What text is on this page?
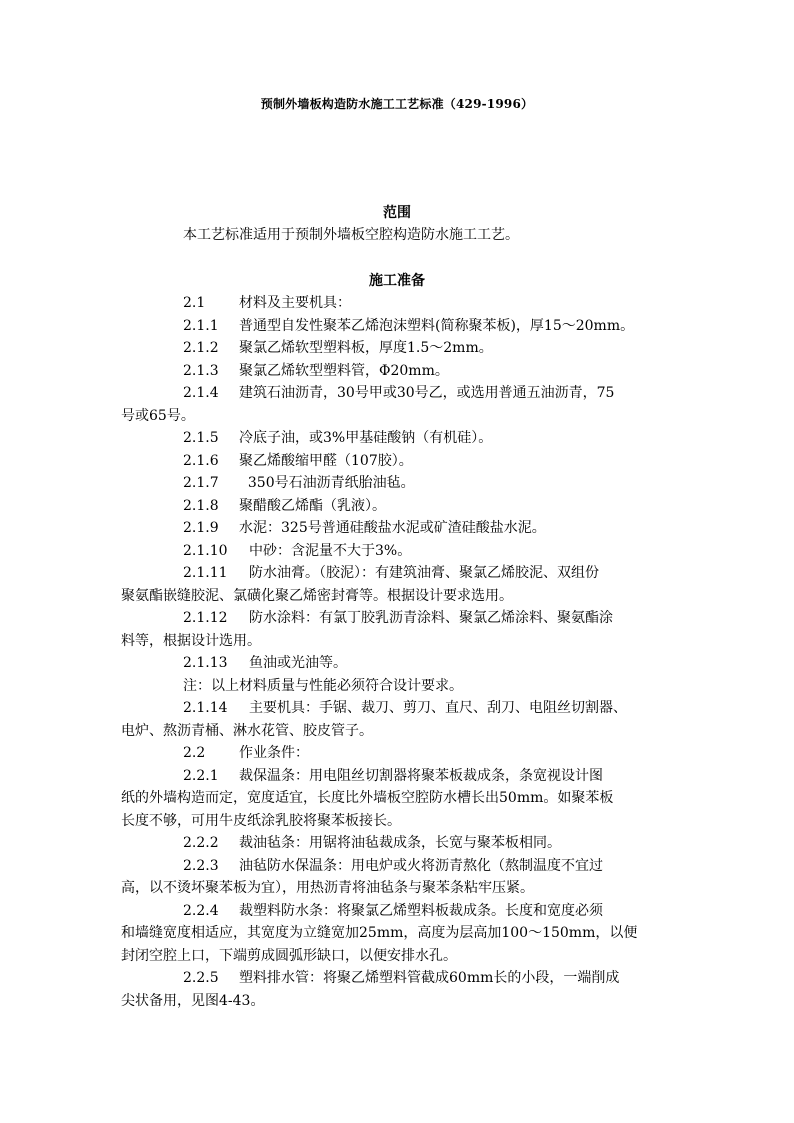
预制外墙板构造防水施工工艺标准（429-1996）
范围
本工艺标准适用于预制外墙板空腔构造防水施工工艺。
施工准备
2.1 材料及主要机具：
2.1.1 普通型自发性聚苯乙烯泡沫塑料(简称聚苯板)，厚15～20mm。
2.1.2 聚氯乙烯软型塑料板，厚度1.5～2mm。
2.1.3 聚氯乙烯软型塑料管，Φ20mm。
2.1.4 建筑石油沥青，30号甲或30号乙，或选用普通五油沥青，75
号或65号。
2.1.5 冷底子油，或3%甲基硅酸钠（有机硅）。
2.1.6 聚乙烯酸缩甲醛（107胶）。
2.1.7  350号石油沥青纸胎油毡。
2.1.8 聚醋酸乙烯酯（乳液）。
2.1.9 水泥：325号普通硅酸盐水泥或矿渣硅酸盐水泥。
2.1.10 中砂：含泥量不大于3%。
2.1.11 防水油膏。（胶泥）：有建筑油膏、聚氯乙烯胶泥、双组份
聚氨酯嵌缝胶泥、氯磺化聚乙烯密封膏等。根据设计要求选用。
2.1.12 防水涂料：有氯丁胶乳沥青涂料、聚氯乙烯涂料、聚氨酯涂
料等，根据设计选用。
2.1.13 鱼油或光油等。
注：以上材料质量与性能必须符合设计要求。
2.1.14 主要机具：手锯、裁刀、剪刀、直尺、刮刀、电阻丝切割器、
电炉、熬沥青桶、淋水花管、胶皮管子。
2.2 作业条件：
2.2.1 裁保温条：用电阻丝切割器将聚苯板裁成条，条宽视设计图
纸的外墙构造而定，宽度适宜，长度比外墙板空腔防水槽长出50mm。如聚苯板
长度不够，可用牛皮纸涂乳胶将聚苯板接长。
2.2.2 裁油毡条：用锯将油毡裁成条，长宽与聚苯板相同。
2.2.3 油毡防水保温条：用电炉或火将沥青熬化（熬制温度不宜过
高，以不烫坏聚苯板为宜），用热沥青将油毡条与聚苯条粘牢压紧。
2.2.4 裁塑料防水条：将聚氯乙烯塑料板裁成条。长度和宽度必须
和墙缝宽度相适应，其宽度为立缝宽加25mm，高度为层高加100～150mm，以便
封闭空腔上口，下端剪成圆弧形缺口，以便安排水孔。
2.2.5 塑料排水管：将聚乙烯塑料管截成60mm长的小段，一端削成
尖状备用，见图4-43。
